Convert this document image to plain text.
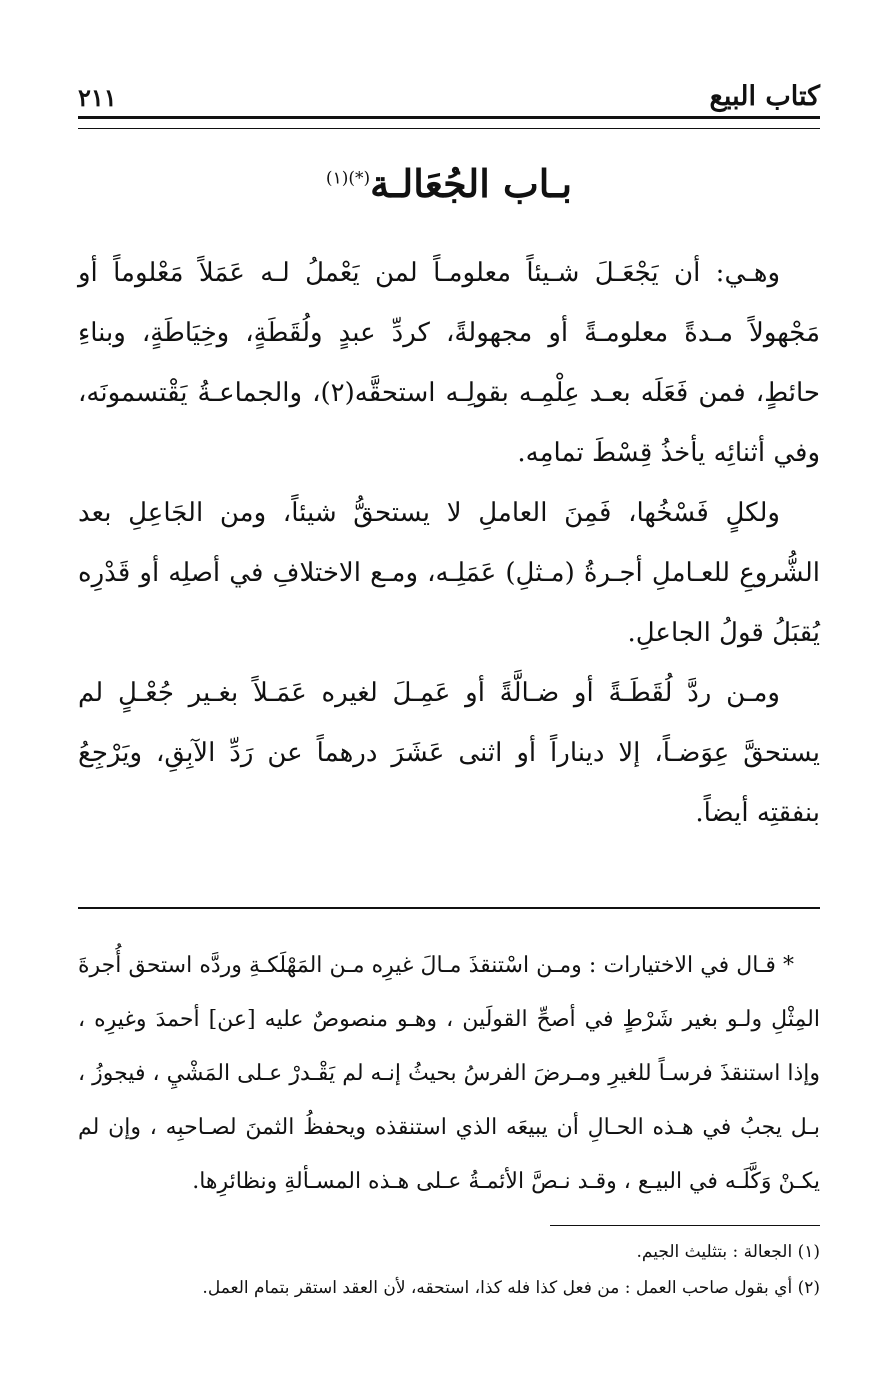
كتاب البيع
٢١١
بـاب الجُعَالـة$^{(*)(١)}$

وهـي: أن يَجْعَـلَ شـيئاً معلومـاً لمن يَعْملُ لـه عَمَلاً مَعْلوماً أو مَجْهولاً مـدةً معلومـةً أو مجهولةً، كردِّ عبدٍ ولُقَطَةٍ، وخِيَاطَةٍ، وبناءِ حائطٍ، فمن فَعَلَه بعـد عِلْمِـه بقولِـه استحقَّه(٢)، والجماعـةُ يَقْتسمونَه، وفي أثنائِه يأخذُ قِسْطَ تمامِه.

ولكلٍ فَسْخُها، فَمِنَ العاملِ لا يستحقُّ شيئاً، ومن الجَاعِلِ بعد الشُّروعِ للعـاملِ أجـرةُ (مـثلِ) عَمَلِـه، ومـع الاختلافِ في أصلِه أو قَدْرِه يُقبَلُ قولُ الجاعلِ.

ومـن ردَّ لُقَطَـةً أو ضـالَّةً أو عَمِـلَ لغيره عَمَـلاً بغـير جُعْـلٍ لم يستحقَّ عِوَضـاً، إلا ديناراً أو اثنى عَشَرَ درهماً عن رَدِّ الآبِقِ، ويَرْجِعُ بنفقتِه أيضاً.

* قـال في الاختيارات : ومـن اسْتنقذَ مـالَ غيرِه مـن المَهْلَكـةِ وردَّه استحق أُجرةَ المِثْلِ ولـو بغير شَرْطٍ في أصحِّ القولَين ، وهـو منصوصٌ عليه [عن] أحمدَ وغيرِه ، وإذا استنقذَ فرسـاً للغيرِ ومـرضَ الفرسُ بحيثُ إنـه لم يَقْـدرْ عـلى المَشْيِ ، فيجوزُ ، بـل يجبُ في هـذه الحـالِ أن يبيعَه الذي استنقذه ويحفظُ الثمنَ لصـاحبِه ، وإن لم يكـنْ وَكَّلَـه في البيـع ، وقـد نـصَّ الأئمـةُ عـلى هـذه المسـألةِ ونظائرِها.

(١) الجعالة : بتثليث الجيم.

(٢) أي بقول صاحب العمل : من فعل كذا فله كذا، استحقه، لأن العقد استقر بتمام العمل.
